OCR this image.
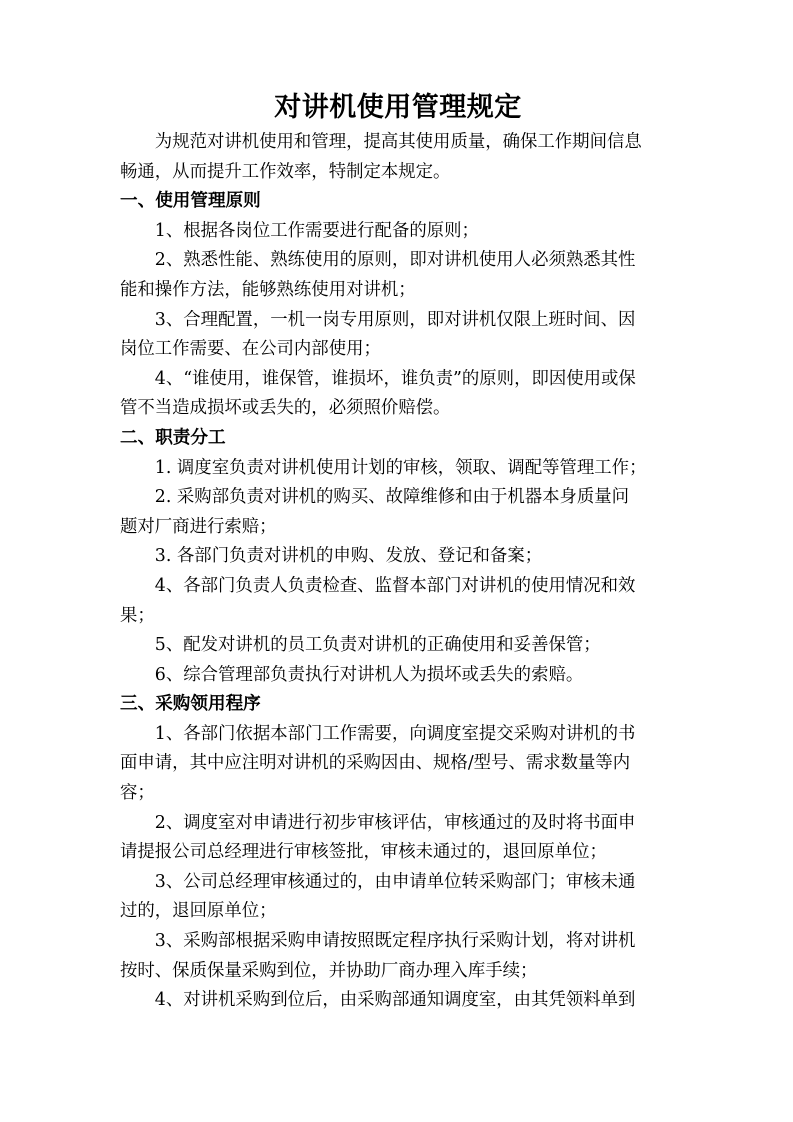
对讲机使用管理规定
为规范对讲机使用和管理，提高其使用质量，确保工作期间信息
畅通，从而提升工作效率，特制定本规定。
一、使用管理原则
1、根据各岗位工作需要进行配备的原则；
2、熟悉性能、熟练使用的原则，即对讲机使用人必须熟悉其性
能和操作方法，能够熟练使用对讲机；
3、合理配置，一机一岗专用原则，即对讲机仅限上班时间、因
岗位工作需要、在公司内部使用；
4、“谁使用，谁保管，谁损坏，谁负责”的原则，即因使用或保
管不当造成损坏或丢失的，必须照价赔偿。
二、职责分工
1. 调度室负责对讲机使用计划的审核，领取、调配等管理工作；
2. 采购部负责对讲机的购买、故障维修和由于机器本身质量问
题对厂商进行索赔；
3. 各部门负责对讲机的申购、发放、登记和备案；
4、各部门负责人负责检查、监督本部门对讲机的使用情况和效
果；
5、配发对讲机的员工负责对讲机的正确使用和妥善保管；
6、综合管理部负责执行对讲机人为损坏或丢失的索赔。
三、采购领用程序
1、各部门依据本部门工作需要，向调度室提交采购对讲机的书
面申请，其中应注明对讲机的采购因由、规格/型号、需求数量等内
容；
2、调度室对申请进行初步审核评估，审核通过的及时将书面申
请提报公司总经理进行审核签批，审核未通过的，退回原单位；
3、公司总经理审核通过的，由申请单位转采购部门；审核未通
过的，退回原单位；
3、采购部根据采购申请按照既定程序执行采购计划，将对讲机
按时、保质保量采购到位，并协助厂商办理入库手续；
4、对讲机采购到位后，由采购部通知调度室，由其凭领料单到
